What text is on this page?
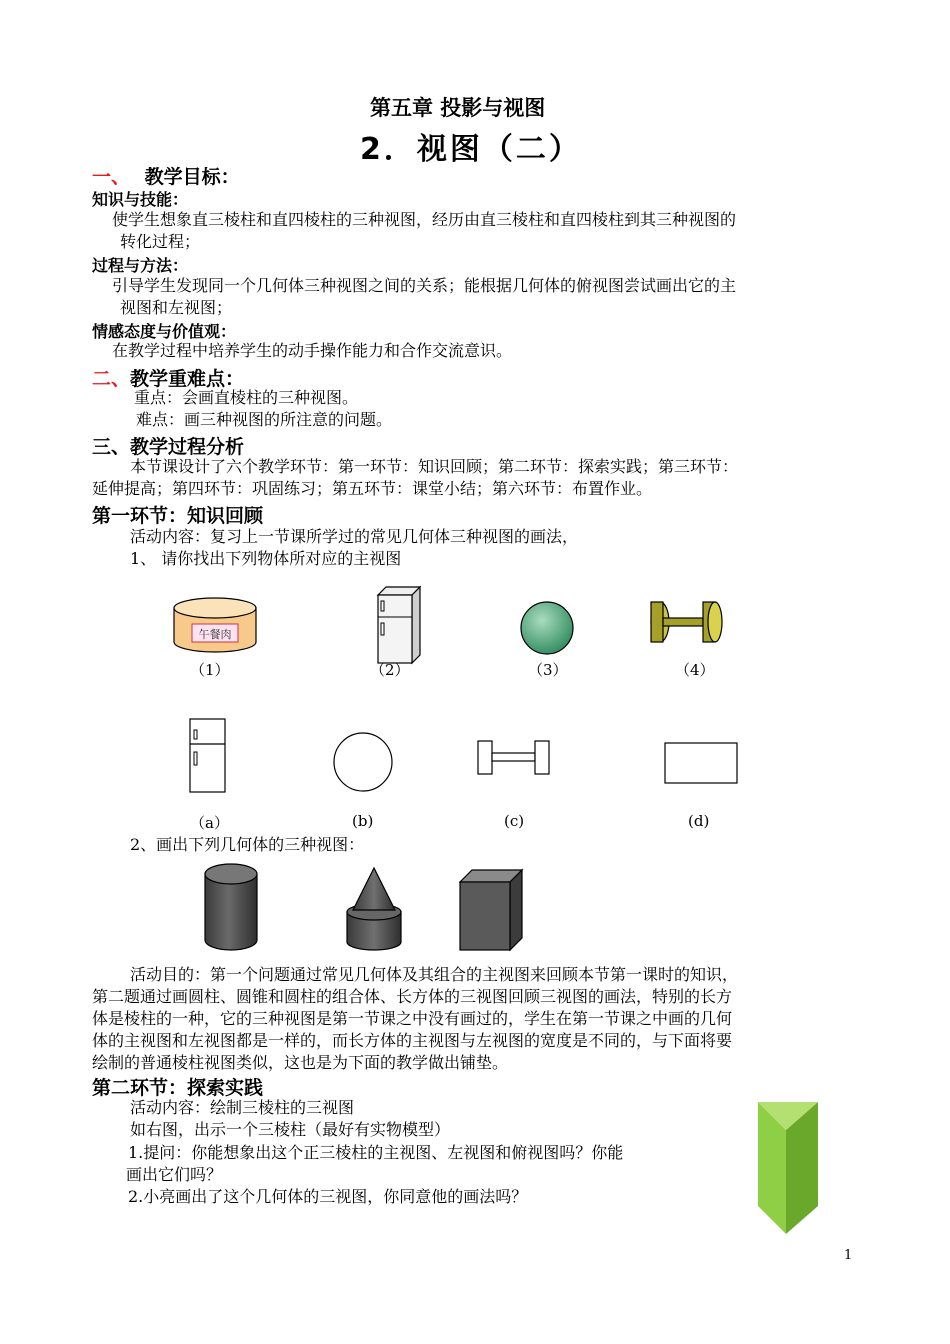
第五章 投影与视图
2．视图（二）
一、 教学目标：
知识与技能：
使学生想象直三棱柱和直四棱柱的三种视图，经历由直三棱柱和直四棱柱到其三种视图的
转化过程；
过程与方法：
引导学生发现同一个几何体三种视图之间的关系；能根据几何体的俯视图尝试画出它的主
视图和左视图；
情感态度与价值观：
在教学过程中培养学生的动手操作能力和合作交流意识。
二、教学重难点：
重点：会画直棱柱的三种视图。
难点：画三种视图的所注意的问题。
三、教学过程分析
本节课设计了六个教学环节：第一环节：知识回顾；第二环节：探索实践；第三环节：
延伸提高；第四环节：巩固练习；第五环节：课堂小结；第六环节：布置作业。
第一环节：知识回顾
活动内容：复习上一节课所学过的常见几何体三种视图的画法，
1、 请你找出下列物体所对应的主视图
午餐肉
（1）	（2）	（3）	（4）
（a）	(b)	(c)	(d)
2、画出下列几何体的三种视图：
活动目的：第一个问题通过常见几何体及其组合的主视图来回顾本节第一课时的知识，
第二题通过画圆柱、圆锥和圆柱的组合体、长方体的三视图回顾三视图的画法，特别的长方
体是棱柱的一种，它的三种视图是第一节课之中没有画过的，学生在第一节课之中画的几何
体的主视图和左视图都是一样的，而长方体的主视图与左视图的宽度是不同的，与下面将要
绘制的普通棱柱视图类似，这也是为下面的教学做出铺垫。
第二环节：探索实践
活动内容：绘制三棱柱的三视图
如右图，出示一个三棱柱（最好有实物模型）
1.提问：你能想象出这个正三棱柱的主视图、左视图和俯视图吗？你能
画出它们吗？
2.小亮画出了这个几何体的三视图，你同意他的画法吗？
1
